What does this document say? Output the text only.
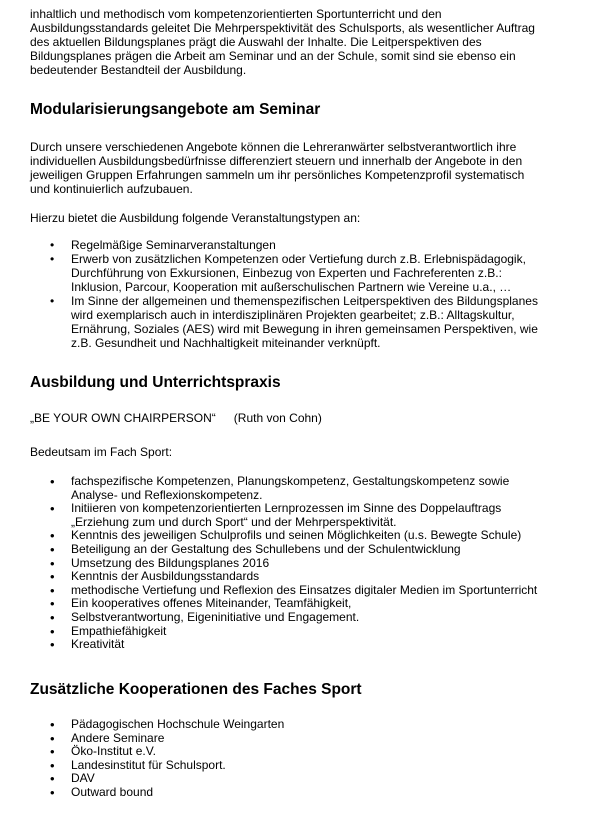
inhaltlich und methodisch vom kompetenzorientierten Sportunterricht und den
Ausbildungsstandards geleitet Die Mehrperspektivität des Schulsports, als wesentlicher Auftrag
des aktuellen Bildungsplanes prägt die Auswahl der Inhalte. Die Leitperspektiven des
Bildungsplanes prägen die Arbeit am Seminar und an der Schule, somit sind sie ebenso ein
bedeutender Bestandteil der Ausbildung.

Modularisierungsangebote am Seminar

Durch unsere verschiedenen Angebote können die Lehreranwärter selbstverantwortlich ihre
individuellen Ausbildungsbedürfnisse differenziert steuern und innerhalb der Angebote in den
jeweiligen Gruppen Erfahrungen sammeln um ihr persönliches Kompetenzprofil systematisch
und kontinuierlich aufzubauen.

Hierzu bietet die Ausbildung folgende Veranstaltungstypen an:

• Regelmäßige Seminarveranstaltungen
• Erwerb von zusätzlichen Kompetenzen oder Vertiefung durch z.B. Erlebnispädagogik,
Durchführung von Exkursionen, Einbezug von Experten und Fachreferenten z.B.:
Inklusion, Parcour, Kooperation mit außerschulischen Partnern wie Vereine u.a., …
• Im Sinne der allgemeinen und themenspezifischen Leitperspektiven des Bildungsplanes
wird exemplarisch auch in interdisziplinären Projekten gearbeitet; z.B.: Alltagskultur,
Ernährung, Soziales (AES) wird mit Bewegung in ihren gemeinsamen Perspektiven, wie
z.B. Gesundheit und Nachhaltigkeit miteinander verknüpft.
Ausbildung und Unterrichtspraxis

„BE YOUR OWN CHAIRPERSON“ (Ruth von Cohn)

Bedeutsam im Fach Sport:

• fachspezifische Kompetenzen, Planungskompetenz, Gestaltungskompetenz sowie
Analyse- und Reflexionskompetenz.
• Initiieren von kompetenzorientierten Lernprozessen im Sinne des Doppelauftrags
„Erziehung zum und durch Sport“ und der Mehrperspektivität.
• Kenntnis des jeweiligen Schulprofils und seinen Möglichkeiten (u.s. Bewegte Schule)
• Beteiligung an der Gestaltung des Schullebens und der Schulentwicklung
• Umsetzung des Bildungsplanes 2016
• Kenntnis der Ausbildungsstandards
• methodische Vertiefung und Reflexion des Einsatzes digitaler Medien im Sportunterricht
• Ein kooperatives offenes Miteinander, Teamfähigkeit,
• Selbstverantwortung, Eigeninitiative und Engagement.
• Empathiefähigkeit
• Kreativität
Zusätzliche Kooperationen des Faches Sport
• Pädagogischen Hochschule Weingarten
• Andere Seminare
• Öko-Institut e.V.
• Landesinstitut für Schulsport.
• DAV
• Outward bound
